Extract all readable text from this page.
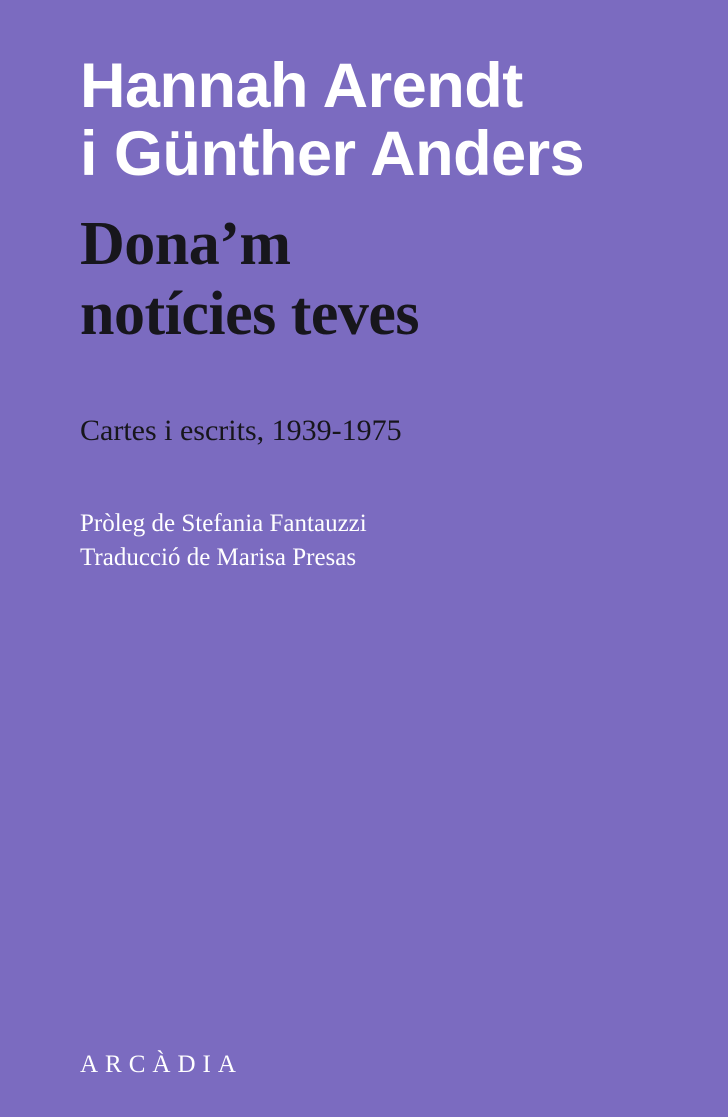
Hannah Arendt
i Günther Anders
Dona’m
notícies teves

Cartes i escrits, 1939-1975

Pròleg de Stefania Fantauzzi
Traducció de Marisa Presas
ARCÀDIA
